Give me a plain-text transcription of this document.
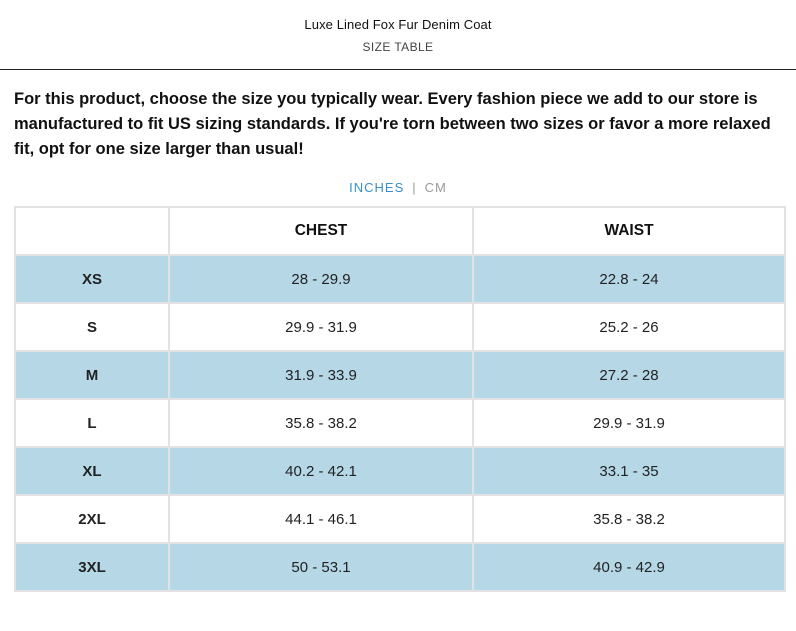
Luxe Lined Fox Fur Denim Coat
SIZE TABLE

For this product, choose the size you typically wear. Every fashion piece we add to our store is manufactured to fit US sizing standards. If you're torn between two sizes or favor a more relaxed fit, opt for one size larger than usual!

INCHES | CM
	CHEST	WAIST
XS	28 - 29.9	22.8 - 24
S	29.9 - 31.9	25.2 - 26
M	31.9 - 33.9	27.2 - 28
L	35.8 - 38.2	29.9 - 31.9
XL	40.2 - 42.1	33.1 - 35
2XL	44.1 - 46.1	35.8 - 38.2
3XL	50 - 53.1	40.9 - 42.9
